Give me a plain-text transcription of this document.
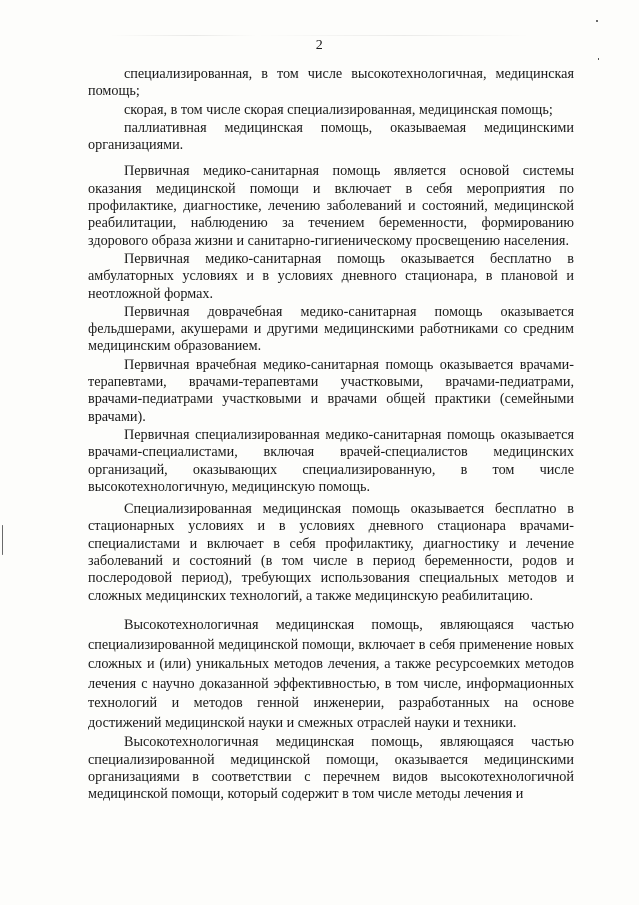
2

специализированная, в том числе высокотехнологичная, медицинская помощь;

скорая, в том числе скорая специализированная, медицинская помощь;

паллиативная медицинская помощь, оказываемая медицинскими организациями.

Первичная медико-санитарная помощь является основой системы оказания медицинской помощи и включает в себя мероприятия по профилактике, диагностике, лечению заболеваний и состояний, медицинской реабилитации, наблюдению за течением беременности, формированию здорового образа жизни и санитарно-гигиеническому просвещению населения.

Первичная медико-санитарная помощь оказывается бесплатно в амбулаторных условиях и в условиях дневного стационара, в плановой и неотложной формах.

Первичная доврачебная медико-санитарная помощь оказывается фельдшерами, акушерами и другими медицинскими работниками со средним медицинским образованием.

Первичная врачебная медико-санитарная помощь оказывается врачами-терапевтами, врачами-терапевтами участковыми, врачами-педиатрами, врачами-педиатрами участковыми и врачами общей практики (семейными врачами).

Первичная специализированная медико-санитарная помощь оказывается врачами-специалистами, включая врачей-специалистов медицинских организаций, оказывающих специализированную, в том числе высокотехнологичную, медицинскую помощь.

Специализированная медицинская помощь оказывается бесплатно в стационарных условиях и в условиях дневного стационара врачами-специалистами и включает в себя профилактику, диагностику и лечение заболеваний и состояний (в том числе в период беременности, родов и послеродовой период), требующих использования специальных методов и сложных медицинских технологий, а также медицинскую реабилитацию.

Высокотехнологичная медицинская помощь, являющаяся частью специализированной медицинской помощи, включает в себя применение новых сложных и (или) уникальных методов лечения, а также ресурсоемких методов лечения с научно доказанной эффективностью, в том числе, информационных технологий и методов генной инженерии, разработанных на основе достижений медицинской науки и смежных отраслей науки и техники.

Высокотехнологичная медицинская помощь, являющаяся частью специализированной медицинской помощи, оказывается медицинскими организациями в соответствии с перечнем видов высокотехнологичной медицинской помощи, который содержит в том числе методы лечения и
